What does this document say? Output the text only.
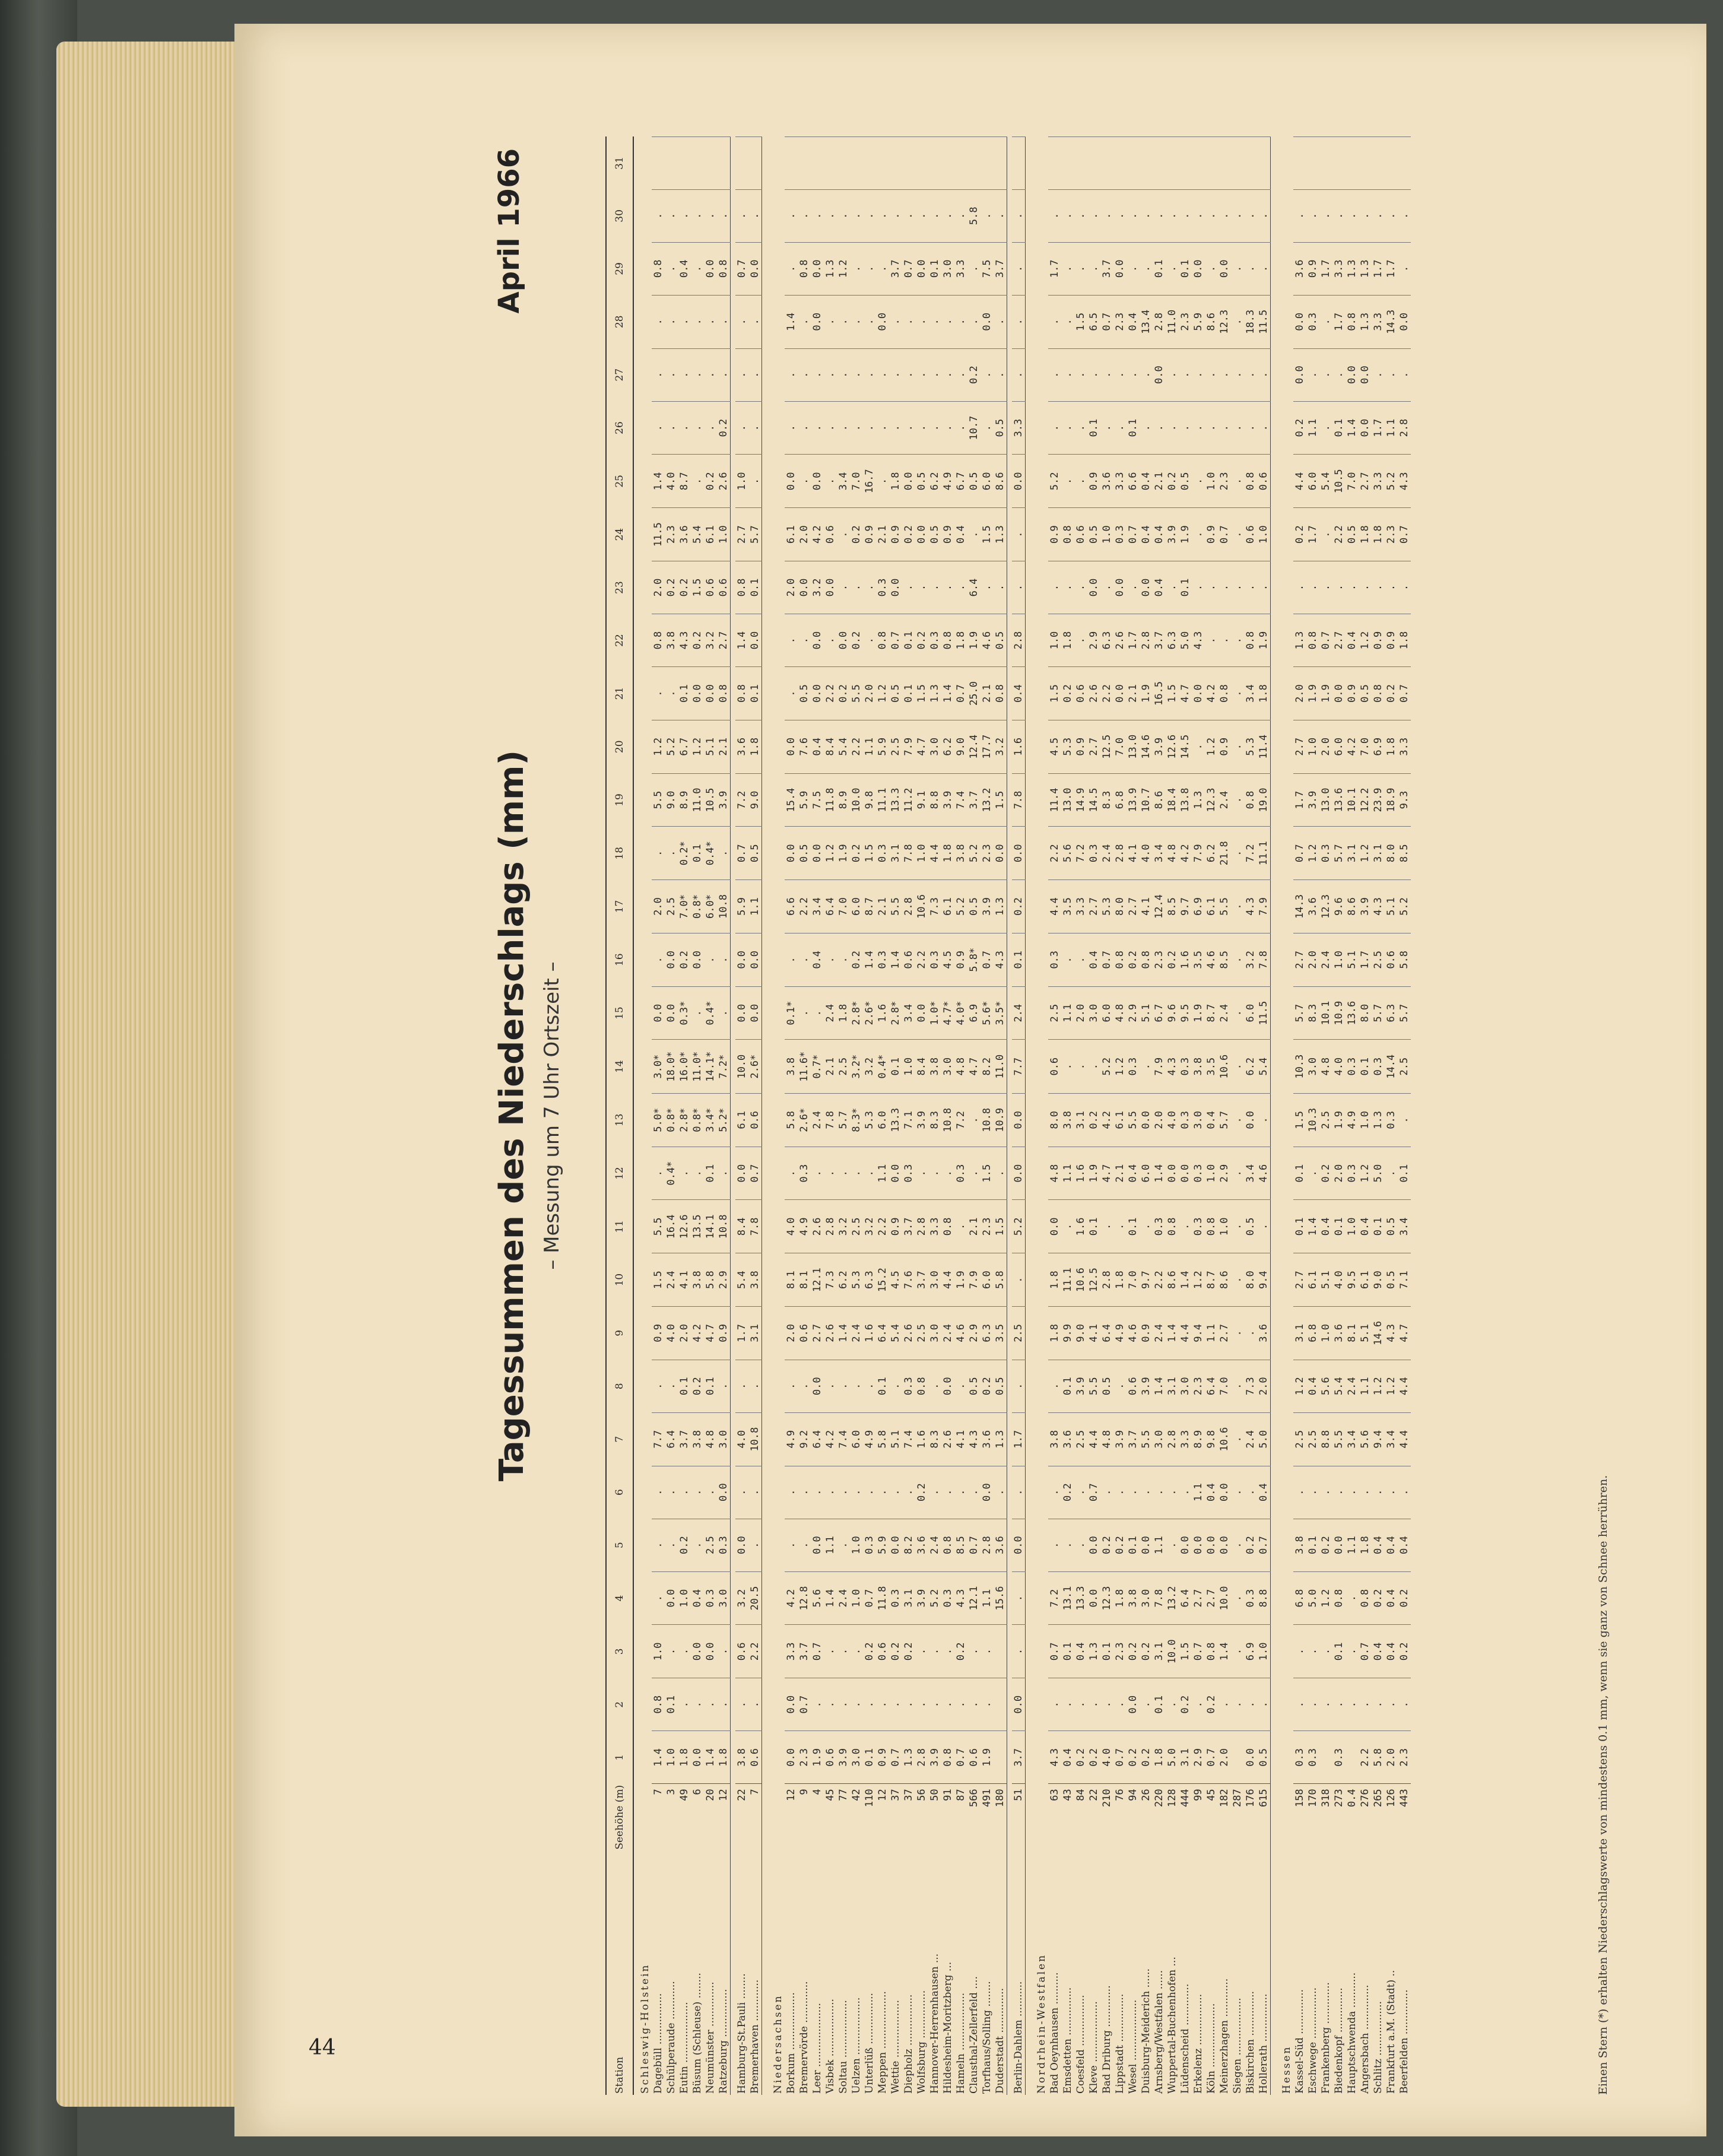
44
Tagessummen des Niederschlags (mm) – Messung um 7 Uhr Ortszeit –
April 1966
Station	Seehöhe (m)	1	2	3	4	5	6	7	8	9	10	11	12	13	14	15	16	17	18	19	20	21	22	23	24	25	26	27	28	29	30	31
Schleswig-Holstein																																
Dagebüll ................	7	1.4	0.8	1.0	.	.	.	7.7	.	0.9	1.5	5.5	.	5.0*	3.0*	0.0	.	2.0	.	5.5	1.2	.	0.8	2.0	11.5	1.4	.	.	.	0.8	.	
Schülperaude ............	3	1.0	0.1	.	0.0	.	.	6.4	.	4.0	2.4	16.4	0.4*	0.8*	18.0*	0.0	0.0	2.5	.	9.0	5.2	.	3.8	0.2	2.3	4.0	.	.	.	.	.	
Eutin ...................	49	1.8	.	.	1.0	0.2	.	3.7	0.1	2.0	4.1	12.6	.	2.8*	16.0*	0.3*	0.2	7.0*	0.2*	8.9	6.7	0.1	4.3	0.2	3.6	8.7	.	.	.	0.4	.	
Büsum (Schleuse) ........	6	0.0	.	0.0	0.4	.	.	3.8	0.2	4.2	3.8	13.5	.	0.8*	11.0*	.	0.0	0.8*	0.1	11.0	1.2	0.0	0.2	1.5	5.4	.	.	.	.	.	.	
Neumünster ..............	20	1.4	.	0.0	0.3	2.5	.	4.8	0.1	4.7	5.8	14.1	0.1	3.4*	14.1*	0.4*	.	6.0*	0.4*	10.5	5.1	0.0	3.2	0.6	6.1	0.2	.	.	.	0.0	.	
Ratzeburg ...............	12	1.8	.	.	3.0	0.3	0.0	3.0	.	0.9	2.9	10.8	.	5.2*	7.2*	.	.	10.8	.	3.9	2.1	0.8	2.7	0.6	1.0	2.6	0.2	.	.	0.8	.	

Hamburg-St.Pauli ........	22	3.8	.	0.6	3.2	0.0	.	4.0	.	1.7	5.4	8.4	0.0	6.1	10.0	0.0	0.0	5.9	0.7	7.2	3.6	0.8	1.4	0.8	2.7	1.0	.	.	.	0.7	.	
Bremerhaven .............	7	0.6	.	2.2	20.5	.	.	10.8	.	3.1	3.8	7.8	0.7	0.6	2.6*	0.0	0.0	1.1	0.5	9.0	1.8	0.1	0.0	0.1	5.7	.	.	.	.	0.0	.	

Niedersachsen																																
Borkum ..................	12	0.0	0.0	3.3	4.2	.	.	4.9	.	2.0	8.1	4.0	.	5.8	3.8	0.1*	.	6.6	0.0	15.4	0.0	.	.	2.0	6.1	0.0	.	.	1.4	.	.	
Bremervörde .............	9	2.3	0.7	3.7	12.8	.	.	9.2	.	0.6	8.1	4.9	0.3	2.6*	11.6*	.	.	2.2	0.5	5.9	7.6	0.5	.	0.0	2.0	.	.	.	.	0.8	.	
Leer ....................	4	1.9	.	0.7	5.6	0.0	.	6.4	0.0	2.7	12.1	2.6	.	2.4	0.7*	.	0.4	3.4	0.0	7.5	0.4	0.0	0.0	3.2	4.2	0.0	.	.	0.0	0.0	.	
Visbek ..................	45	0.6	.	.	1.4	1.1	.	4.2	.	2.6	7.3	2.8	.	7.8	2.1	2.4	.	6.4	1.2	11.8	8.4	2.2	.	0.0	0.6	.	.	.	.	1.3	.	
Soltau ..................	77	3.9	.	.	2.4	.	.	7.4	.	1.4	6.2	3.2	.	5.7	2.5	1.8	.	7.0	1.9	8.9	5.4	0.2	0.0	.	.	3.4	.	.	.	1.2	.	
Uelzen ..................	42	3.0	.	.	1.0	1.0	.	6.0	.	2.4	5.3	2.5	.	8.3*	3.2*	2.8*	0.2	6.0	0.2	10.0	2.2	5.5	0.2	.	0.2	7.0	.	.	.	.	.	
Unterlüß ................	110	0.1	.	0.2	0.7	0.3	.	4.9	.	1.6	6.3	3.2	.	5.3	3.2	2.6*	1.4	8.7	1.5	9.8	1.1	2.0	.	.	0.9	16.7	.	.	.	.	.	
Meppen ..................	12	0.9	.	0.6	11.8	5.9	.	5.8	0.1	6.4	15.2	2.2	1.1	6.0	0.4*	1.6	0.3	2.1	0.3	11.1	5.9	1.2	0.8	0.3	2.1	.	.	.	0.0	.	.	
Wettie ..................	37	0.7	.	0.2	0.3	0.0	.	5.1	.	5.4	4.5	0.9	0.0	13.3	0.1	2.8*	1.4	5.5	3.1	13.3	2.5	0.5	0.7	0.0	0.9	1.8	.	.	.	3.7	.	
Diepholz ................	37	1.3	.	0.2	3.1	8.2	.	7.4	0.3	2.6	7.6	3.7	0.3	7.1	1.0	3.4	0.6	2.8	7.8	11.2	7.9	0.1	0.1	.	0.2	0.0	.	.	.	0.7	.	
Wolfsburg ...............	56	2.8	.	.	3.9	3.6	0.2	1.6	0.8	2.5	3.7	2.8	.	3.9	8.4	0.0	2.2	10.6	1.0	9.1	4.7	1.5	0.2	.	0.0	0.5	.	.	.	0.0	.	
Hannover-Herrenhausen ...	50	3.9	.	.	5.2	2.4	.	8.3	.	3.0	3.0	3.3	.	8.3	3.8	1.0*	0.3	7.3	4.4	8.8	3.0	1.3	0.3	.	0.5	6.2	.	.	.	0.1	.	
Hildesheim-Moritzberg ...	91	0.8	.	.	0.3	0.8	.	2.6	0.0	2.4	4.4	0.8	.	10.8	3.0	4.7*	4.5	6.1	1.8	3.9	6.2	1.4	0.8	.	0.9	4.9	.	.	.	3.0	.	
Hameln ..................	87	0.7	.	0.2	4.3	8.5	.	4.1	.	4.6	1.9	.	0.3	7.2	4.8	4.0*	0.9	5.2	3.8	7.4	9.0	0.7	1.8	.	0.4	6.7	.	.	.	3.3	.	
Clausthal-Zellerfeld ....	566	0.6	.	.	12.1	0.7	.	4.3	0.5	2.9	7.9	2.1	.	.	4.7	6.9	5.8*	0.5	5.2	3.7	12.4	25.0	1.9	6.4	.	0.5	10.7	0.2	.	.	5.8	
Torfhaus/Solling ........	491	1.9	.	.	1.1	2.8	0.0	3.6	0.2	6.3	6.0	2.3	1.5	10.8	8.2	5.6*	0.7	3.9	2.3	13.2	17.7	2.1	4.6	.	1.5	6.0	.	.	0.0	7.5	.	
Duderstadt ..............	180				15.6	3.6	.	1.3	0.5	3.5	5.8	1.5	.	10.9	11.0	3.5*	4.3	1.3	0.0	1.5	3.2	0.8	0.5	.	1.3	8.6	0.5	.	.	3.7	.	

Berlin-Dahlem ...........	51	3.7	0.0	.	.	0.0	.	1.7	.	2.5	.	5.2	0.0	0.0	7.7	2.4	0.1	0.2	0.0	7.8	1.6	0.4	2.8	.	.	0.0	3.3	.	.	.	.	

Nordrhein-Westfalen																																
Bad Oeynhausen ..........	63	4.3	.	0.7	7.2	.	.	3.8	.	1.8	1.8	0.0	4.8	8.0	0.6	2.5	0.3	4.4	2.2	11.4	4.5	1.5	1.0	.	0.9	5.2	.	.	.	1.7	.	
Emsdetten ...............	43	0.4	.	0.1	13.1	.	0.2	3.6	0.1	9.9	11.1	.	1.1	3.8	.	1.1	.	3.5	5.6	13.0	5.3	0.2	1.8	.	0.8	.	.	.	.	.	.	
Coesfeld ................	84	0.2	.	0.4	13.3	.	.	2.5	3.9	9.0	10.6	1.6	1.6	3.1	.	2.0	.	3.3	7.2	14.9	0.9	0.6	.	.	0.6	.	.	.	1.5	.	.	
Kleve ...................	22	0.2	.	1.3	0.0	0.0	0.7	4.4	5.5	4.1	12.5	0.1	1.9	0.2	.	3.0	0.4	2.7	0.3	14.5	2.7	2.6	2.9	0.0	0.5	0.9	0.1	.	6.5	.	.	
Bad Driburg .............	210	4.0	.	0.1	12.3	0.2	.	4.8	0.5	6.4	2.8	.	4.7	4.2	5.2	6.0	0.7	5.3	2.4	8.3	12.5	2.2	6.3	.	1.0	3.6	.	.	0.7	3.7	.	
Lippstadt ...............	76	0.7	.	2.3	1.8	0.2	.	3.9	.	4.9	1.8	.	2.1	6.1	1.2	4.8	0.8	8.0	2.8	6.8	7.0	0.0	2.6	0.0	0.3	3.3	.	.	2.3	0.0	.	
Wesel ...................	94	0.2	0.0	0.2	3.8	0.1	.	3.7	0.6	4.6	7.0	0.1	0.4	5.5	0.3	2.9	0.2	2.7	4.1	13.9	13.0	2.1	1.7	.	0.7	6.6	0.1	.	0.4	.	.	
Duisburg-Meiderich ......	26	0.2	.	0.2	3.0	0.0	.	5.5	3.9	0.9	9.7	.	6.0	0.0	.	5.1	0.8	4.1	4.0	10.7	14.6	1.9	2.8	0.0	0.4	0.4	.	.	13.4	.	.	
Arnsberg/Westfalen ......	220	1.8	0.1	3.1	7.8	1.1	.	3.0	1.4	2.4	2.2	0.3	1.4	2.0	7.9	6.7	2.3	12.4	3.4	8.6	3.9	16.5	3.7	0.4	0.4	2.1	.	0.0	2.8	0.1	.	
Wuppertal-Buchenhofen ...	128	5.0	.	10.0	13.2	.	.	2.8	3.1	1.4	8.6	0.8	0.0	4.0	4.3	9.6	0.2	8.5	4.8	18.4	12.6	1.5	6.3	.	3.9	0.2	.	.	11.0	.	.	
Lüdenscheid .............	444	3.1	0.2	1.5	6.4	0.0	.	3.3	3.0	4.4	1.4	.	0.0	0.3	0.3	9.5	1.6	9.7	4.2	13.8	14.5	4.7	5.0	0.1	1.9	0.5	.	.	2.3	0.1	.	
Erkelenz ................	99	2.9	.	0.7	2.7	0.0	1.1	8.9	2.3	9.4	1.2	0.3	0.3	3.0	3.8	1.9	3.5	6.9	7.9	1.3	.	0.0	4.3	.	.	.	.	.	5.9	0.0	.	
Köln ....................	45	0.7	0.2	0.8	2.7	0.0	0.4	9.8	6.4	1.1	8.7	0.8	1.0	0.4	3.5	8.7	4.6	6.1	6.2	12.3	1.2	4.2	.	.	0.9	1.0	.	.	8.6	.	.	
Meinerzhagen ............	182	2.0	.	1.4	10.0	0.0	0.0	10.6	7.0	2.7	8.6	1.0	2.9	5.7	10.6	2.4	8.5	5.5	21.8	2.4	0.9	0.8	.	.	0.7	2.3	.	.	12.3	0.0	.	
Siegen ..................	287		.	.	.	.	.	.	.	.	.	.	.	.	.	.	.	.	.	.	.	.	.	.	.	.	.	.	.	.	.	
Biskirchen ..............	176	0.0	.	6.9	0.3	0.2	.	2.4	7.3	.	8.0	0.5	3.4	0.0	6.2	6.0	3.2	4.3	7.2	0.8	5.3	3.4	0.8	.	0.6	0.8	.	.	18.3	.	.	
Hollerath ...............	615	0.5	.	1.0	8.8	0.7	0.4	5.0	2.0	3.6	9.4	.	4.6	.	5.4	11.5	7.8	7.9	11.1	19.0	11.4	1.8	1.9	.	1.0	0.6	.	.	11.5	.	.	

Hessen																																
Kassel-Süd ..............	158	0.3	.	.	6.8	3.8	.	2.5	1.2	3.1	2.7	0.1	0.1	1.5	10.3	5.7	2.7	14.3	0.7	1.7	2.7	2.0	1.3	.	0.2	4.4	0.2	0.0	0.0	3.6	.	
Eschwege ................	170	0.3	.	.	5.0	0.1	.	2.5	0.4	6.8	6.1	1.4	.	10.3	3.0	8.3	2.0	3.6	1.2	3.9	1.0	1.9	0.8	.	1.7	6.0	1.1	.	0.3	0.9	.	
Frankenberg .............	318		.	.	1.2	0.2	.	8.8	5.6	1.0	5.1	0.4	0.2	2.5	4.8	10.1	2.4	12.3	0.3	13.0	2.0	1.9	0.7	.	.	5.4	.	.	.	1.7	.	
Biedenkopf ..............	273	0.3	.	0.1	0.8	0.0	.	5.5	5.4	3.6	4.0	0.1	2.0	1.9	4.0	10.9	1.0	9.6	5.7	13.6	6.0	0.0	2.7	.	2.2	10.5	0.1	.	1.7	3.3	.	
Hauptschwenda ...........	0.4		.	.	.	1.1	.	3.4	2.4	8.1	9.5	1.0	0.3	4.9	0.3	13.6	5.1	8.6	3.1	10.1	4.2	0.9	0.4	.	0.5	7.0	1.4	0.0	0.8	1.3	.	
Angersbach ..............	276	2.2	.	0.7	0.8	1.8	.	5.6	1.1	5.1	6.1	0.4	1.2	1.0	0.1	8.0	1.7	3.9	1.2	12.2	7.0	0.5	1.2	.	1.8	2.7	0.0	0.0	1.3	1.3	.	
Schlitz .................	265	5.8	.	0.4	0.2	0.4	.	9.4	1.2	14.6	9.0	0.1	5.0	1.3	0.3	5.7	2.5	4.3	3.1	23.9	6.9	0.8	0.9	.	1.8	3.3	1.7	.	3.3	1.7	.	
Frankfurt a.M. (Stadt) ..	126	2.0	.	0.4	0.4	0.4	.	3.4	1.2	4.3	0.5	0.5	.	0.3	14.4	6.3	0.6	5.1	8.0	18.9	1.8	0.2	0.9	.	2.3	5.2	1.1	.	14.3	1.7	.	
Beerfelden ..............	443	2.3	.	0.2	0.2	0.4	.	4.4	4.4	4.7	7.1	3.4	0.1	.	2.5	5.7	5.8	5.2	8.5	9.3	3.3	0.7	1.8	.	0.7	4.3	2.8	.	0.0	.	.	
Einen Stern (*) erhalten Niederschlagswerte von mindestens 0.1 mm, wenn sie ganz von Schnee herrühren.
